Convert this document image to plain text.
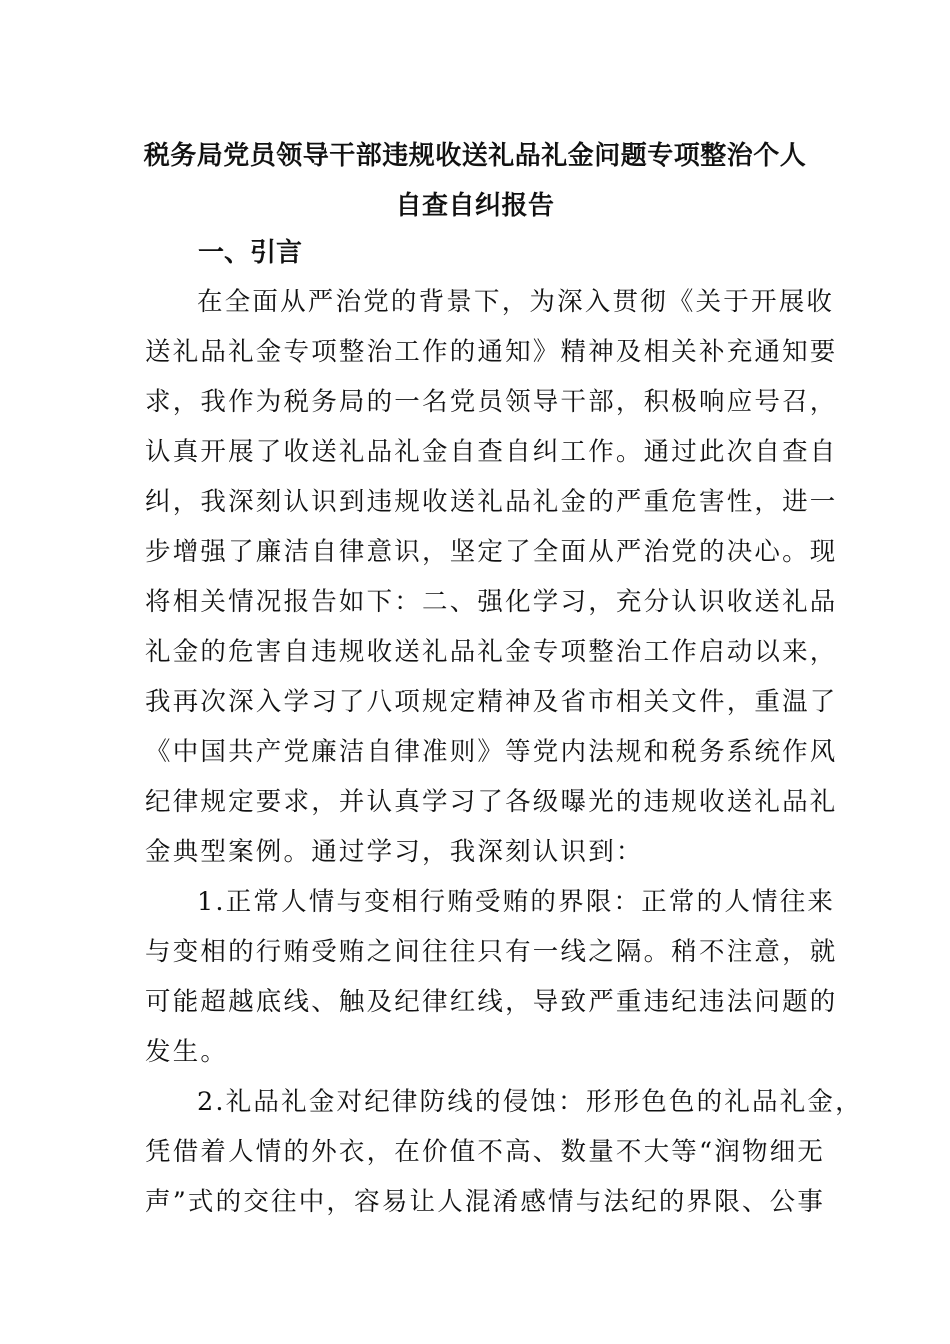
税务局党员领导干部违规收送礼品礼金问题专项整治个人
自查自纠报告
一、引言

在全面从严治党的背景下，为深入贯彻《关于开展收

送礼品礼金专项整治工作的通知》精神及相关补充通知要

求，我作为税务局的一名党员领导干部，积极响应号召，

认真开展了收送礼品礼金自查自纠工作。通过此次自查自

纠，我深刻认识到违规收送礼品礼金的严重危害性，进一

步增强了廉洁自律意识，坚定了全面从严治党的决心。现

将相关情况报告如下：二、强化学习，充分认识收送礼品

礼金的危害自违规收送礼品礼金专项整治工作启动以来，

我再次深入学习了八项规定精神及省市相关文件，重温了

《中国共产党廉洁自律准则》等党内法规和税务系统作风

纪律规定要求，并认真学习了各级曝光的违规收送礼品礼

金典型案例。通过学习，我深刻认识到：

1.正常人情与变相行贿受贿的界限：正常的人情往来

与变相的行贿受贿之间往往只有一线之隔。稍不注意，就

可能超越底线、触及纪律红线，导致严重违纪违法问题的

发生。

2.礼品礼金对纪律防线的侵蚀：形形色色的礼品礼金，

凭借着人情的外衣，在价值不高、数量不大等“润物细无

声”式的交往中，容易让人混淆感情与法纪的界限、公事
